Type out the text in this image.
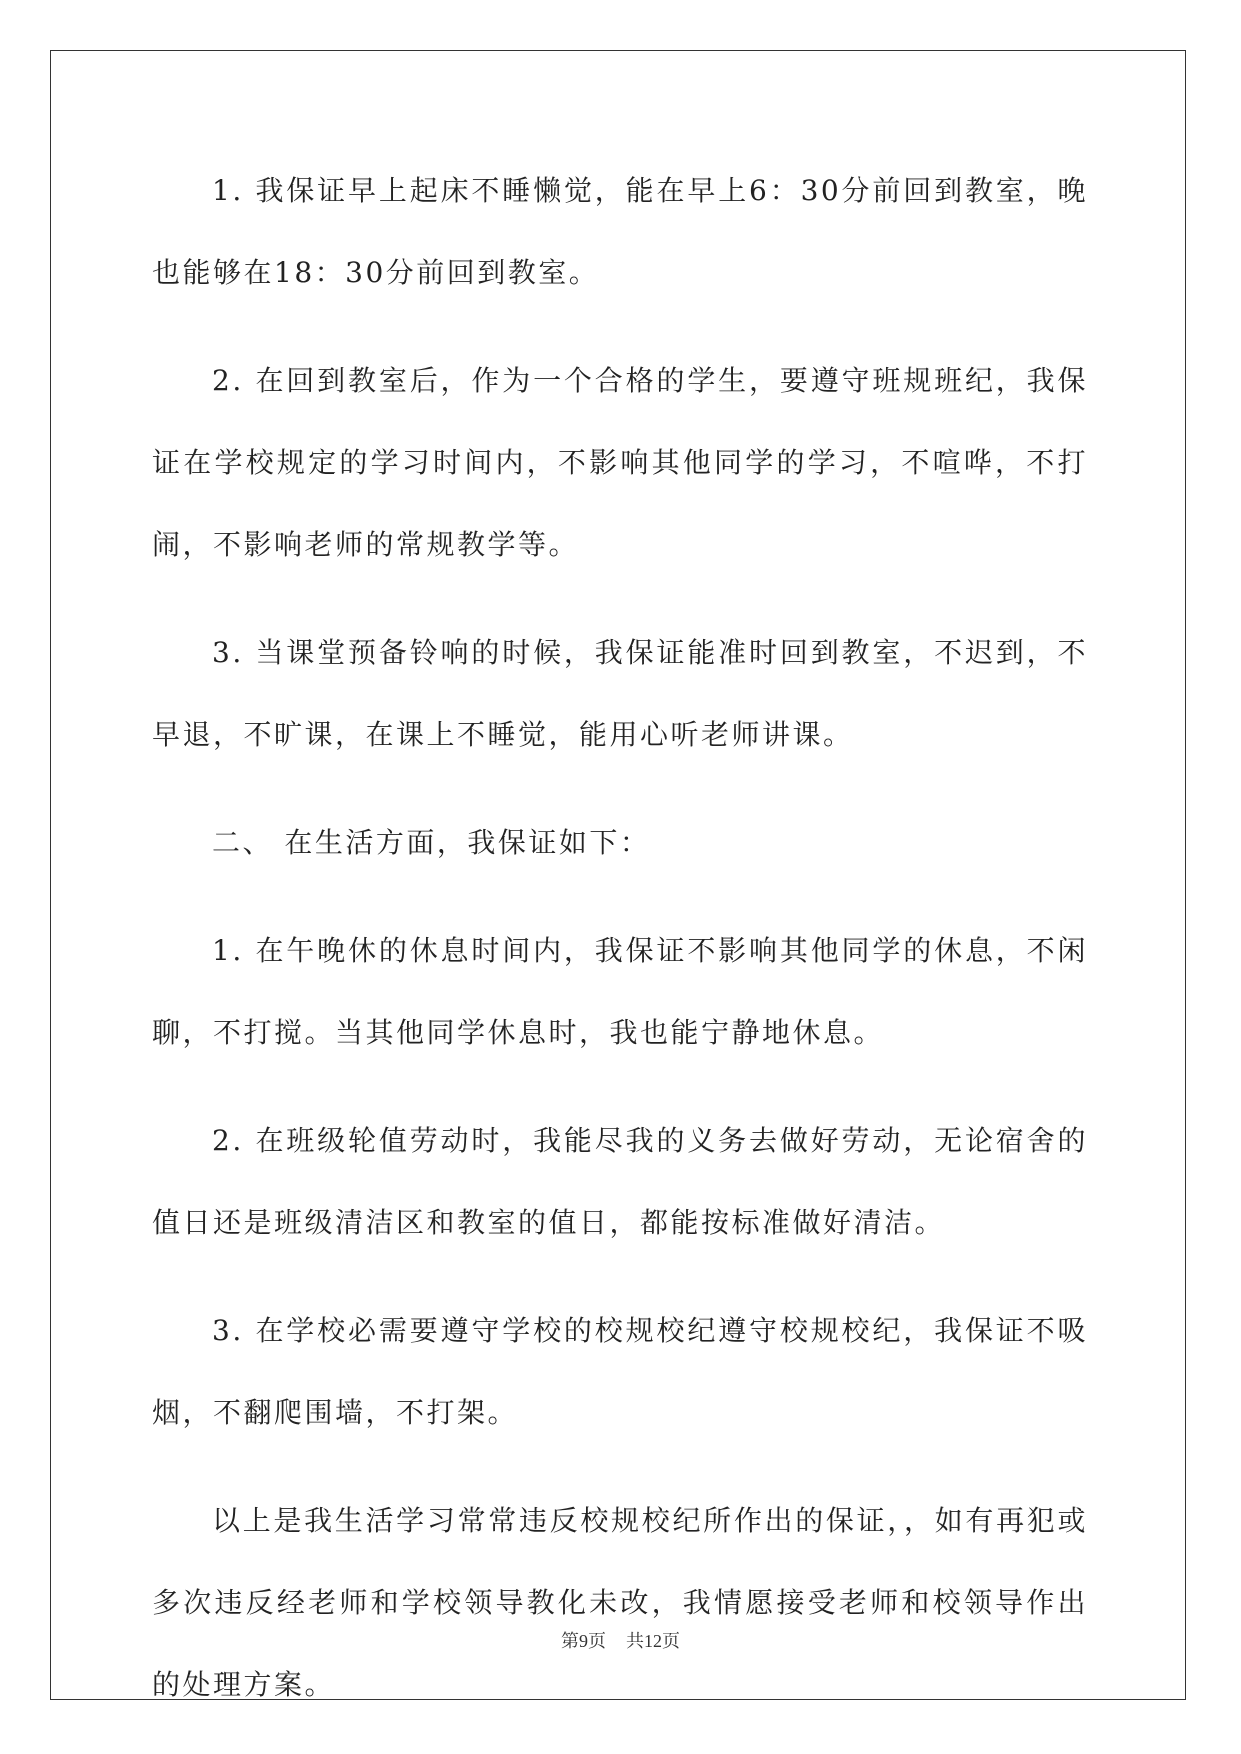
1. 我保证早上起床不睡懒觉，能在早上6：30分前回到教室，晚也能够在18：30分前回到教室。

2. 在回到教室后，作为一个合格的学生，要遵守班规班纪，我保证在学校规定的学习时间内，不影响其他同学的学习，不喧哗，不打闹，不影响老师的常规教学等。

3. 当课堂预备铃响的时候，我保证能准时回到教室，不迟到，不早退，不旷课，在课上不睡觉，能用心听老师讲课。

二、 在生活方面，我保证如下：

1. 在午晚休的休息时间内，我保证不影响其他同学的休息，不闲聊，不打搅。当其他同学休息时，我也能宁静地休息。

2. 在班级轮值劳动时，我能尽我的义务去做好劳动，无论宿舍的值日还是班级清洁区和教室的值日，都能按标准做好清洁。

3. 在学校必需要遵守学校的校规校纪遵守校规校纪，我保证不吸烟，不翻爬围墙，不打架。

以上是我生活学习常常违反校规校纪所作出的保证，，如有再犯或多次违反经老师和学校领导教化未改，我情愿接受老师和校领导作出的处理方案。

第9页 共12页
